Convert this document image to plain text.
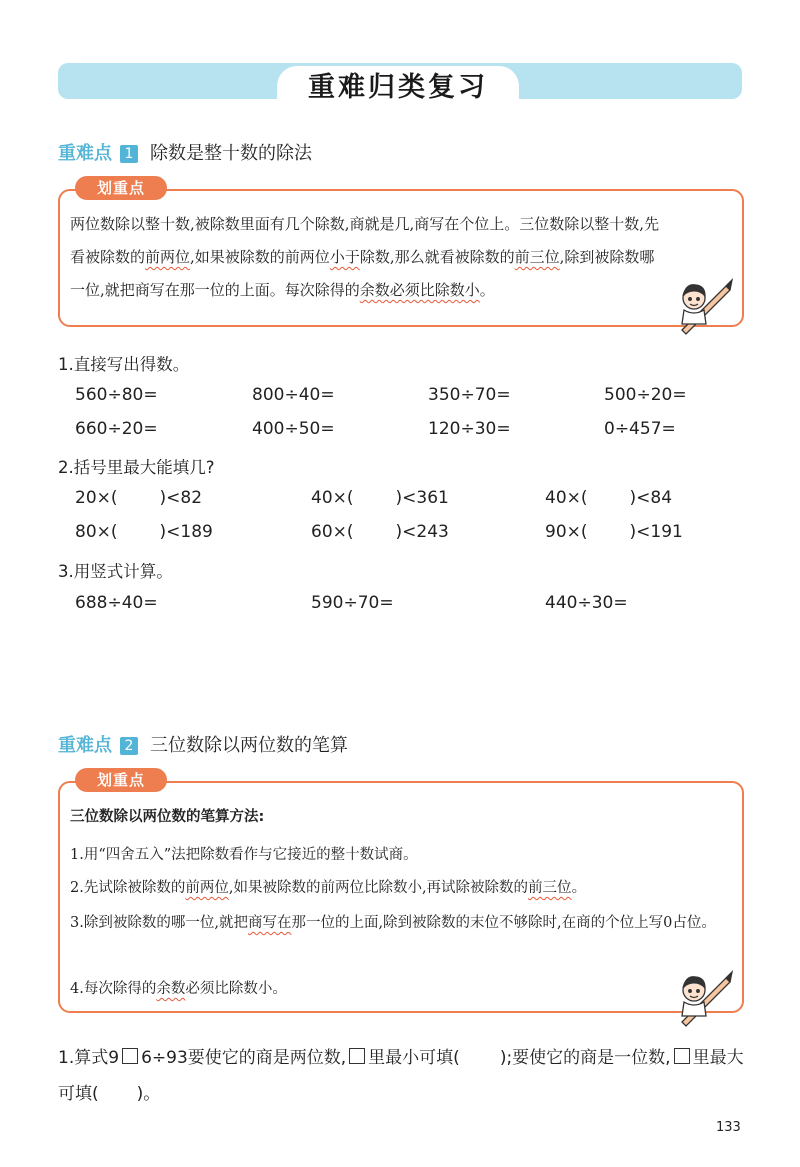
重难归类复习
重难点 1 除数是整十数的除法
划重点
两位数除以整十数,被除数里面有几个除数,商就是几,商写在个位上。三位数除以整十数,先看被除数的前两位,如果被除数的前两位小于除数,那么就看被除数的前三位,除到被除数哪一位,就把商写在那一位的上面。每次除得的余数必须比除数小。
1.直接写出得数。
560÷80=	800÷40=	350÷70=	500÷20=
660÷20=	400÷50=	120÷30=	0÷457=
2.括号里最大能填几?
20×( )<82	40×( )<361	40×( )<84
80×( )<189	60×( )<243	90×( )<191
3.用竖式计算。
688÷40=	590÷70=	440÷30=
重难点 2 三位数除以两位数的笔算
划重点
三位数除以两位数的笔算方法:
1.用“四舍五入”法把除数看作与它接近的整十数试商。
2.先试除被除数的前两位,如果被除数的前两位比除数小,再试除被除数的前三位。
3.除到被除数的哪一位,就把商写在那一位的上面,除到被除数的末位不够除时,在商的个位上写0占位。
4.每次除得的余数必须比除数小。
1.算式9 6÷93要使它的商是两位数, 里最小可填( );要使它的商是一位数, 里最大可填( )。
133
